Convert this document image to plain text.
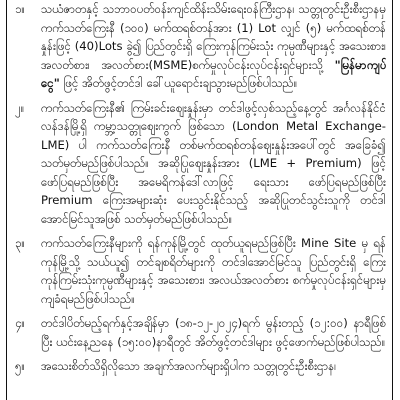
၁။	သယံဇာတနှင့် သဘာဝပတ်ဝန်းကျင်ထိန်းသိမ်းရေးဝန်ကြီးဌာန၊ သတ္တုတွင်းဦးစီးဌာနမှ ကက်သတ်ကြေးနီ (၁၀၀) မက်ထရစ်တန်အား (1) Lot လျှင် (၅) မက်ထရစ်တန်နှုန်းဖြင့် (40)Lots ခွဲ၍ ပြည်တွင်းရှိ ကြေးကုန်ကြမ်းသုံး ကုမ္ပဏီများနှင့် အသေးစား၊ အလတ်စား၊ အလတ်စား(MSME)စက်မှုလုပ်ငန်းလုပ်ငန်းရှင်များသို့ "မြန်မာကျပ်ငွေ" ဖြင့် အိတ်ဖွင့်တင်ဒါ ခေါ်ယူရောင်းချသွားမည်ဖြစ်ပါသည်။
၂။	ကက်သတ်ကြေးနီ၏ ကြမ်းခင်းဈေးနှုန်းမှာ တင်ဒါဖွင့်လှစ်သည့်နေ့တွင် အင်္ဂလန်နိုင်ငံ လန်ဒန်မြို့ရှိ ကမ္ဘာ့သတ္တုဈေးကွက် ဖြစ်သော (London Metal Exchange-LME) ပါ ကက်သတ်ကြေးနီ တစ်မက်ထရစ်တန်ဈေးနှုန်းအပေါ်တွင် အခြေခံ၍ သတ်မှတ်မည်ဖြစ်ပါသည်။ အဆိုပြုဈေးနှုန်းအား (LME + Premium) ဖြင့် ဖော်ပြရမည်ဖြစ်ပြီး အမေရိကန်ဒေါ်လာဖြင့် ရေးသား ဖော်ပြရမည်ဖြစ်ပြီး Premium ကြေးအများဆုံး ပေးသွင်းနိုင်သည့် အဆိုပြုတင်သွင်းသူကို တင်ဒါအောင်မြင်သူအဖြစ် သတ်မှတ်မည်ဖြစ်ပါသည်။
၃။	ကက်သတ်ကြေးနီများကို ရန်ကုန်မြို့တွင် ထုတ်ယူရမည်ဖြစ်ပြီး Mine Site မှ ရန်ကုန်မြို့သို့ သယ်ယူ၍ တင်ချစရိတ်များကို တင်ဒါအောင်မြင်သူ ပြည်တွင်းရှိ ကြေးကုန်ကြမ်းသုံးကုမ္ပဏီများနှင့် အသေးစား၊ အလယ်အလတ်စား စက်မှုလုပ်ငန်းရှင်များမှ ကျခံရမည်ဖြစ်ပါသည်။
၄။	တင်ဒါပိတ်မည့်ရက်နှင့်အချိန်မှာ (၁၈-၁၂-၂၀၂၄)ရက် မွန်းတည့် (၁၂:၀၀) နာရီဖြစ်ပြီး ယင်းနေ့ညနေ (၁၅:၀၀)နာရီတွင် အိတ်ဖွင့်တင်ဒါများ ဖွင့်ဖောက်မည်ဖြစ်ပါသည်။
၅။	အသေးစိတ်သိရှိလိုသော အချက်အလက်များရှိပါက သတ္တုတွင်းဦးစီးဌာန၊
